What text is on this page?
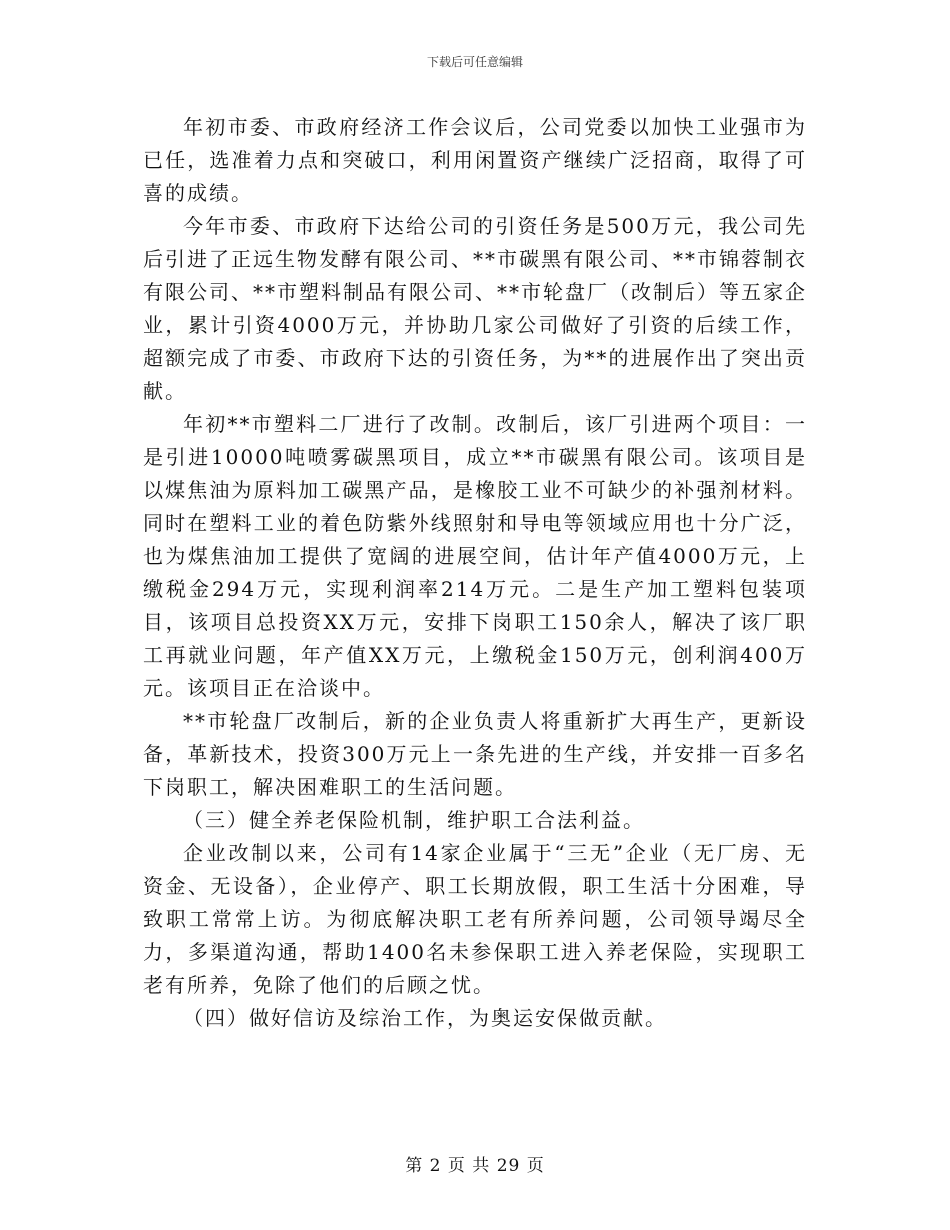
下载后可任意编辑

年初市委、市政府经济工作会议后，公司党委以加快工业强市为已任，选准着力点和突破口，利用闲置资产继续广泛招商，取得了可喜的成绩。

今年市委、市政府下达给公司的引资任务是500万元，我公司先后引进了正远生物发酵有限公司、**市碳黑有限公司、**市锦蓉制衣有限公司、**市塑料制品有限公司、**市轮盘厂（改制后）等五家企业，累计引资4000万元，并协助几家公司做好了引资的后续工作，超额完成了市委、市政府下达的引资任务，为**的进展作出了突出贡献。

年初**市塑料二厂进行了改制。改制后，该厂引进两个项目：一是引进10000吨喷雾碳黑项目，成立**市碳黑有限公司。该项目是以煤焦油为原料加工碳黑产品，是橡胶工业不可缺少的补强剂材料。同时在塑料工业的着色防紫外线照射和导电等领域应用也十分广泛，也为煤焦油加工提供了宽阔的进展空间，估计年产值4000万元，上缴税金294万元，实现利润率214万元。二是生产加工塑料包装项目，该项目总投资XX万元，安排下岗职工150余人，解决了该厂职工再就业问题，年产值XX万元，上缴税金150万元，创利润400万元。该项目正在洽谈中。

**市轮盘厂改制后，新的企业负责人将重新扩大再生产，更新设备，革新技术，投资300万元上一条先进的生产线，并安排一百多名下岗职工，解决困难职工的生活问题。

（三）健全养老保险机制，维护职工合法利益。

企业改制以来，公司有14家企业属于“三无”企业（无厂房、无资金、无设备），企业停产、职工长期放假，职工生活十分困难，导致职工常常上访。为彻底解决职工老有所养问题，公司领导竭尽全力，多渠道沟通，帮助1400名未参保职工进入养老保险，实现职工老有所养，免除了他们的后顾之忧。

（四）做好信访及综治工作，为奥运安保做贡献。

第 2 页 共 29 页
